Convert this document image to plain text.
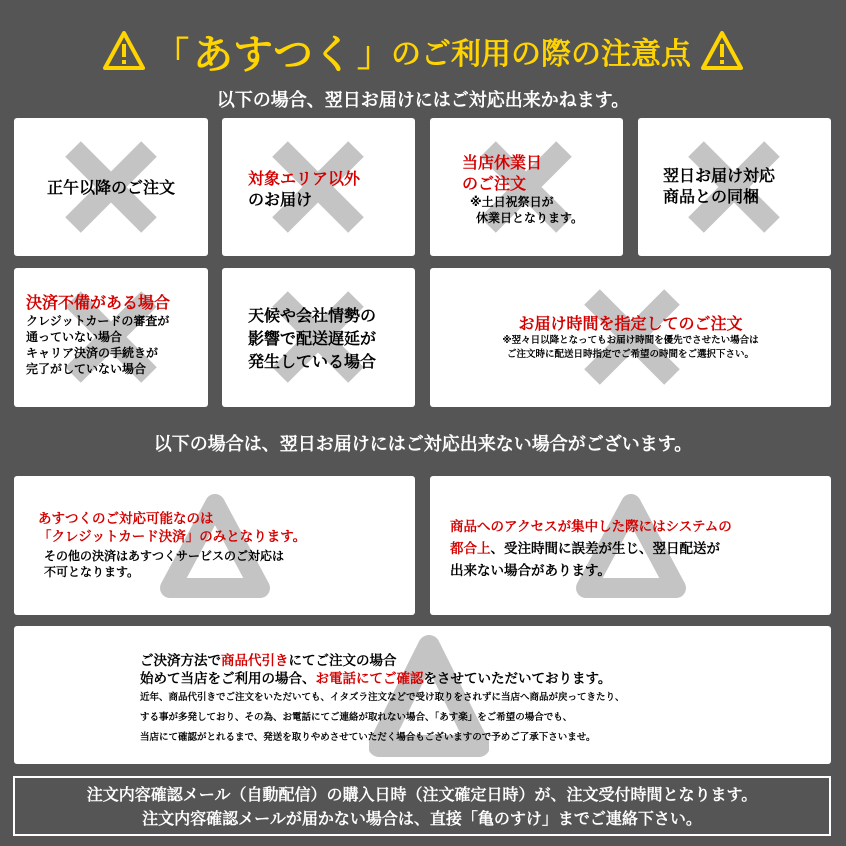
「 あすつく 」 のご利用の際の注意点
以下の場合、翌日お届けにはご対応出来かねます。
正午以降のご注文	対象エリア以外
のお届け
当店休業日
のご注文
※土日祝祭日が
休業日となります。
翌日お届け対応
商品との同梱
決済不備がある場合
クレジットカードの審査が
通っていない場合
キャリア決済の手続きが
完了がしていない場合
天候や会社情勢の
影響で配送遅延が
発生している場合
お届け時間を指定してのご注文
※翌々日以降となってもお届け時間を優先でさせたい場合は
ご注文時に配送日時指定でご希望の時間をご選択下さい。
以下の場合は、翌日お届けにはご対応出来ない場合がございます。
あすつくのご対応可能なのは
「クレジットカード決済」のみとなります。
その他の決済はあすつくサービスのご対応は
不可となります。
商品へのアクセスが集中した際にはシステムの
都合上、受注時間に誤差が生じ、翌日配送が
出来ない場合があります。
ご決済方法で商品代引きにてご注文の場合
始めて当店をご利用の場合、お電話にてご確認をさせていただいております。
近年、商品代引きでご注文をいただいても、イタズラ注文などで受け取りをされずに当店へ商品が戻ってきたり、
する事が多発しており、その為、お電話にてご連絡が取れない場合、「あす楽」をご希望の場合でも、
当店にて確認がとれるまで、発送を取りやめさせていただく場合もございますので予めご了承下さいませ。
注文内容確認メール（自動配信）の購入日時（注文確定日時）が、注文受付時間となります。
注文内容確認メールが届かない場合は、直接「亀のすけ」までご連絡下さい。
